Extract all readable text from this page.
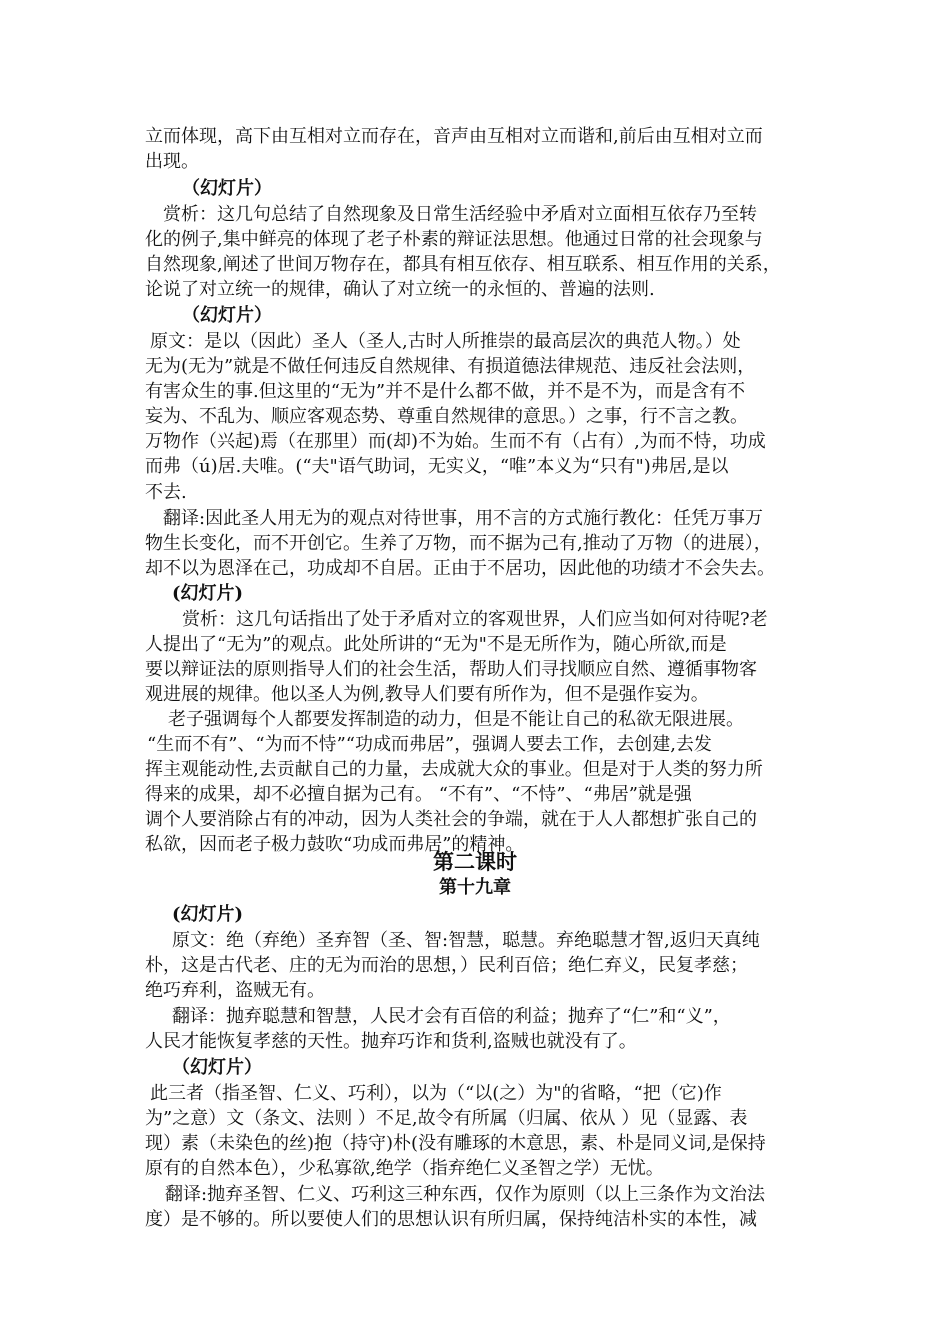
立而体现，高下由互相对立而存在，音声由互相对立而谐和,前后由互相对立而
出现。
（幻灯片）
赏析：这几句总结了自然现象及日常生活经验中矛盾对立面相互依存乃至转
化的例子,集中鲜亮的体现了老子朴素的辩证法思想。他通过日常的社会现象与
自然现象,阐述了世间万物存在，都具有相互依存、相互联系、相互作用的关系，
论说了对立统一的规律，确认了对立统一的永恒的、普遍的法则.
（幻灯片）
原文：是以（因此）圣人（圣人,古时人所推崇的最高层次的典范人物。）处
无为(无为”就是不做任何违反自然规律、有损道德法律规范、违反社会法则，
有害众生的事.但这里的“无为”并不是什么都不做，并不是不为，而是含有不
妄为、不乱为、顺应客观态势、尊重自然规律的意思。）之事，行不言之教。
万物作（兴起)焉（在那里）而(却)不为始。生而不有（占有）,为而不恃，功成
而弗（ú)居.夫唯。(“夫"语气助词，无实义，“唯”本义为“只有")弗居,是以
不去.
翻译:因此圣人用无为的观点对待世事，用不言的方式施行教化：任凭万事万
物生长变化，而不开创它。生养了万物，而不据为己有,推动了万物（的进展），
却不以为恩泽在己，功成却不自居。正由于不居功，因此他的功绩才不会失去。
(幻灯片)
赏析：这几句话指出了处于矛盾对立的客观世界，人们应当如何对待呢?老
人提出了“无为”的观点。此处所讲的“无为"不是无所作为，随心所欲,而是
要以辩证法的原则指导人们的社会生活，帮助人们寻找顺应自然、遵循事物客
观进展的规律。他以圣人为例,教导人们要有所作为，但不是强作妄为。
老子强调每个人都要发挥制造的动力，但是不能让自己的私欲无限进展。
“生而不有”、“为而不恃”“功成而弗居”，强调人要去工作，去创建,去发
挥主观能动性,去贡献自己的力量，去成就大众的事业。但是对于人类的努力所
得来的成果，却不必擅自据为己有。 “不有”、“不恃”、“弗居”就是强
调个人要消除占有的冲动，因为人类社会的争端，就在于人人都想扩张自己的
私欲，因而老子极力鼓吹“功成而弗居”的精神。
(幻灯片)
原文：绝（弃绝）圣弃智（圣、智:智慧，聪慧。弃绝聪慧才智,返归天真纯
朴，这是古代老、庄的无为而治的思想，）民利百倍；绝仁弃义，民复孝慈；
绝巧弃利，盗贼无有。
翻译：抛弃聪慧和智慧，人民才会有百倍的利益；抛弃了“仁”和“义”，
人民才能恢复孝慈的天性。抛弃巧诈和货利,盗贼也就没有了。
（幻灯片）
此三者（指圣智、仁义、巧利），以为（“以(之）为"的省略，“把（它)作
为”之意）文（条文、法则 ）不足,故令有所属（归属、依从 ）见（显露、表
现）素（未染色的丝)抱（持守)朴(没有雕琢的木意思，素、朴是同义词,是保持
原有的自然本色），少私寡欲,绝学（指弃绝仁义圣智之学）无忧。
翻译:抛弃圣智、仁义、巧利这三种东西，仅作为原则（以上三条作为文治法
度）是不够的。所以要使人们的思想认识有所归属，保持纯洁朴实的本性，减
第二课时
第十九章
